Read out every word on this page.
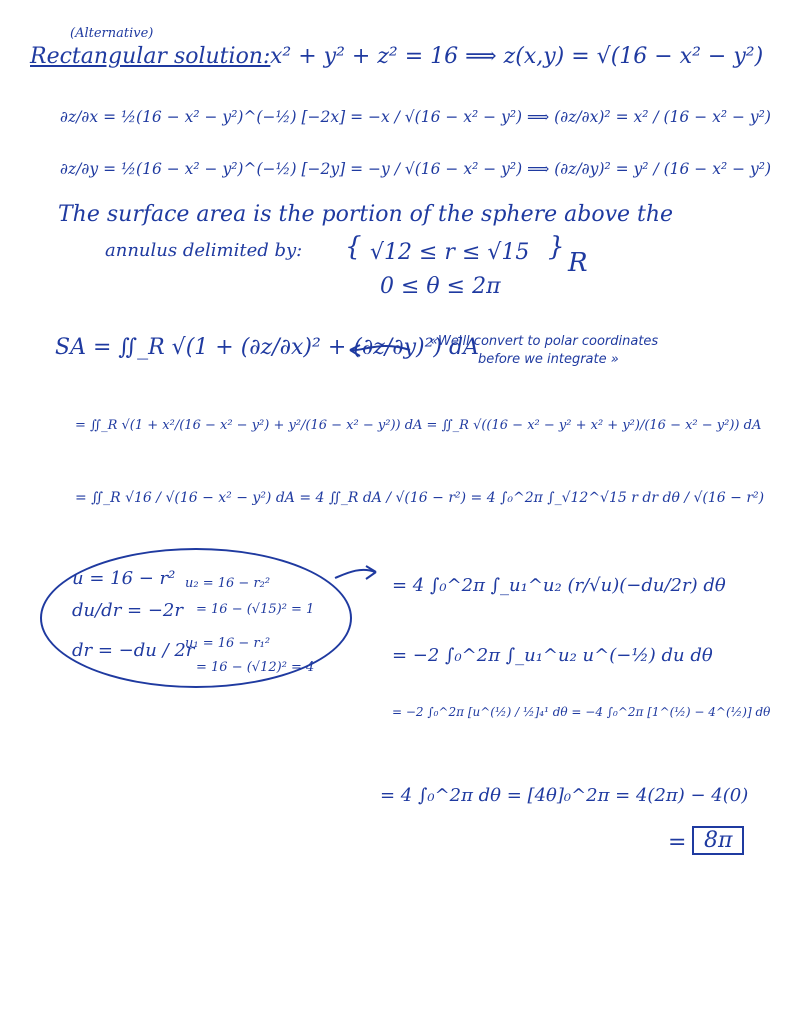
(Alternative)
Rectangular solution: x² + y² + z² = 16 ⟹ z(x,y) = √(16 − x² − y²)
∂z/∂x = ½(16 − x² − y²)^(−½) [−2x] = −x / √(16 − x² − y²) ⟹ (∂z/∂x)² = x² / (16 − x² − y²)
∂z/∂y = ½(16 − x² − y²)^(−½) [−2y] = −y / √(16 − x² − y²) ⟹ (∂z/∂y)² = y² / (16 − x² − y²)
The surface area is the portion of the sphere above the
annulus delimited by: { √12 ≤ r ≤ √15
0 ≤ θ ≤ 2π
}
R
SA = ∬_R √(1 + (∂z/∂x)² + (∂z/∂y)²) dA
«We'll convert to polar coordinates
before we integrate »
= ∬_R √(1 + x²/(16 − x² − y²) + y²/(16 − x² − y²)) dA = ∬_R √((16 − x² − y² + x² + y²)/(16 − x² − y²)) dA
= ∬_R √16 / √(16 − x² − y²) dA = 4 ∬_R dA / √(16 − r²) = 4 ∫₀^2π ∫_√12^√15 r dr dθ / √(16 − r²)
u = 16 − r²
du/dr = −2r
dr = −du / 2r
u₂ = 16 − r₂²
= 16 − (√15)² = 1
u₁ = 16 − r₁²
= 16 − (√12)² = 4
= 4 ∫₀^2π ∫_u₁^u₂ (r/√u)(−du/2r) dθ
= −2 ∫₀^2π ∫_u₁^u₂ u^(−½) du dθ
= −2 ∫₀^2π [u^(½) / ½]₄¹ dθ = −4 ∫₀^2π [1^(½) − 4^(½)] dθ
= 4 ∫₀^2π dθ = [4θ]₀^2π = 4(2π) − 4(0)
= 8π
